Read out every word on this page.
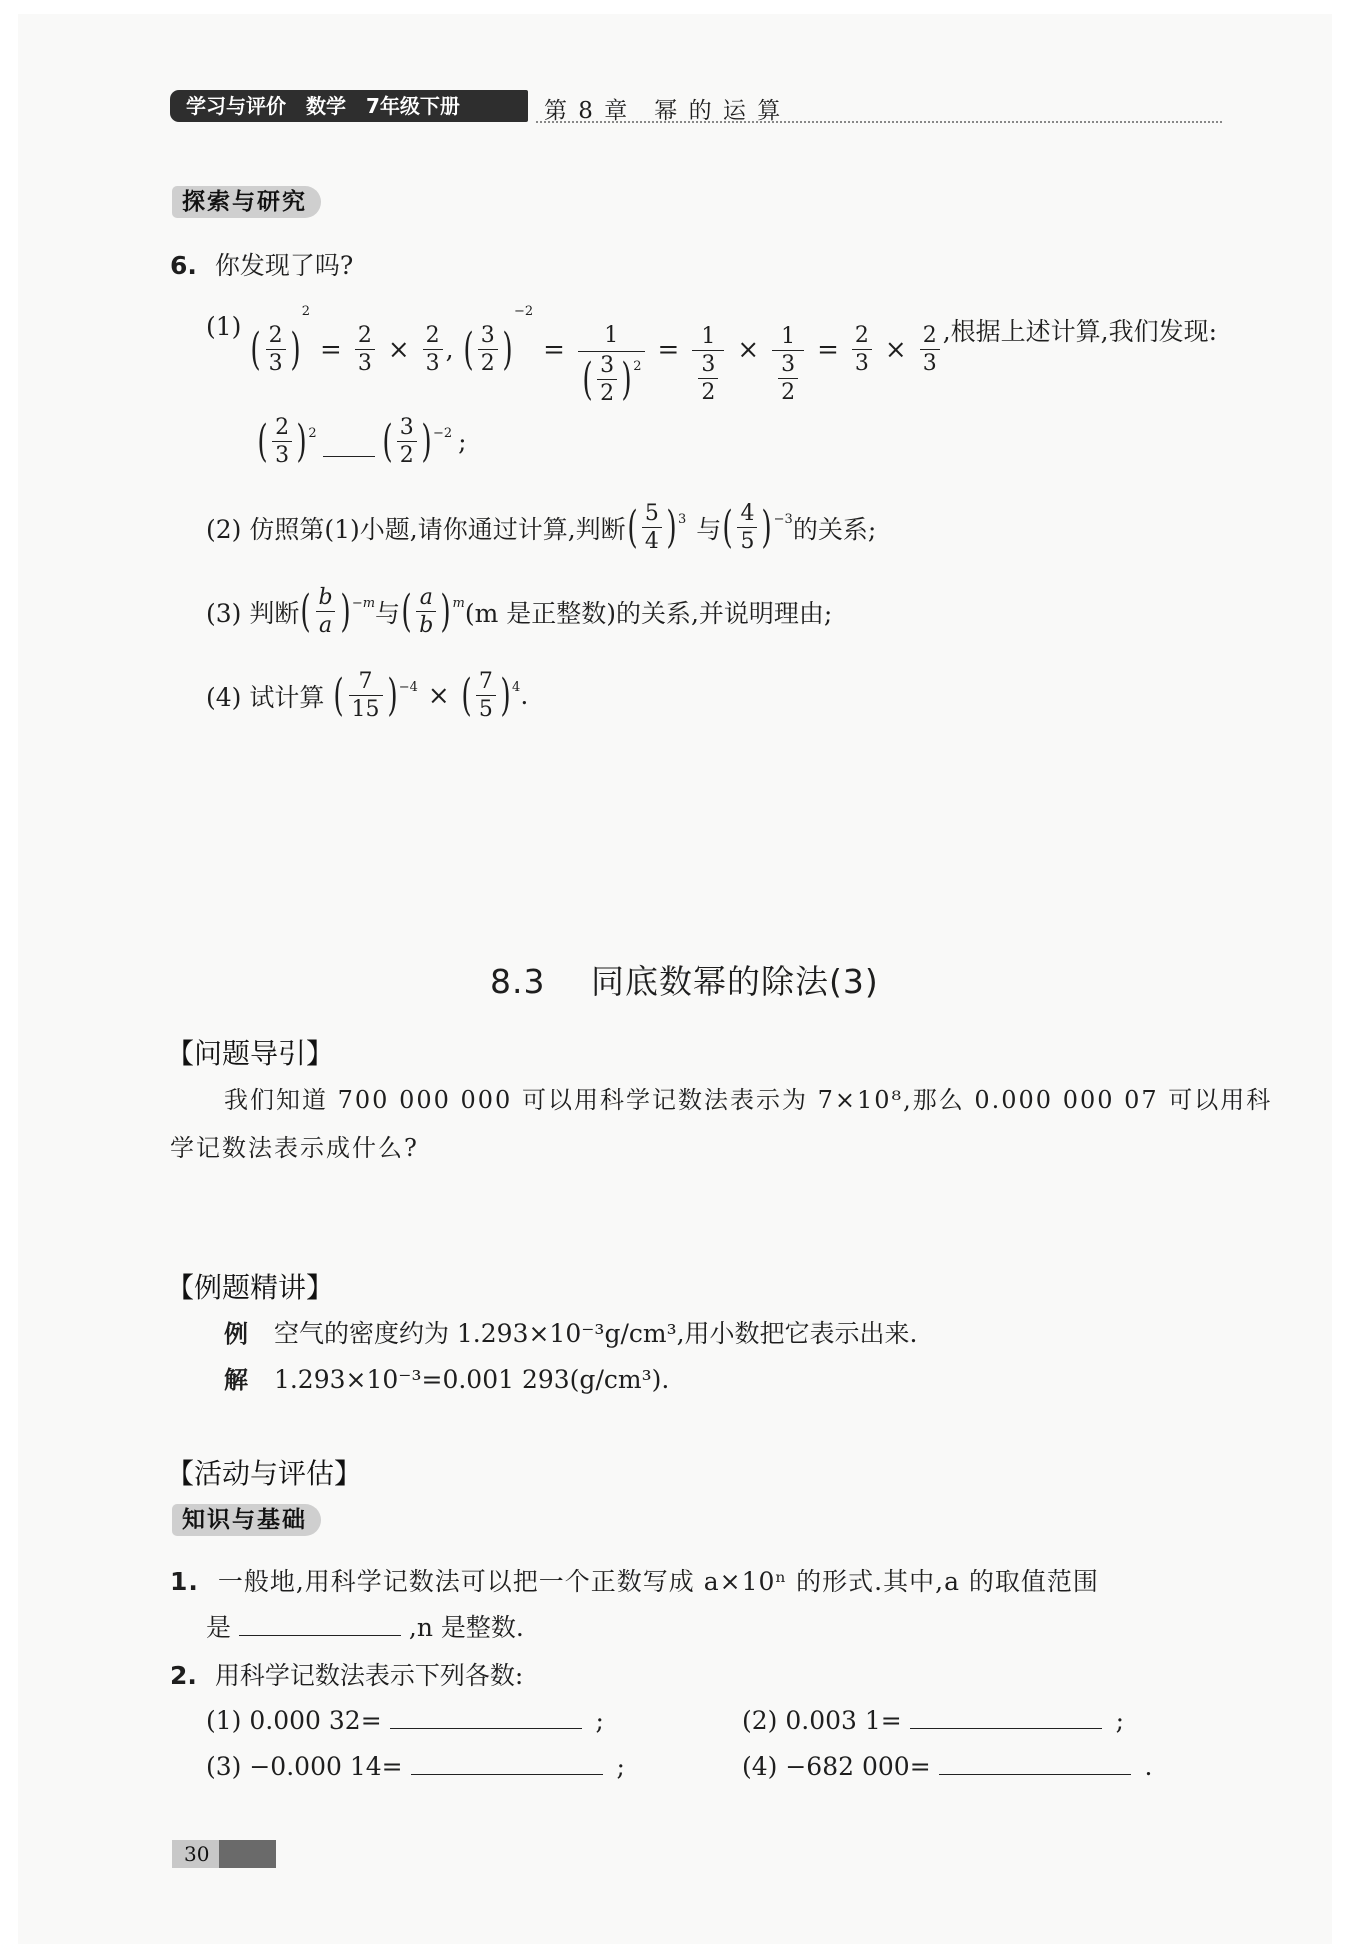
学习与评价　数学　7年级下册	第 8 章　幂 的 运 算
探索与研究
6. 你发现了吗?
(1) ( 2
3 )
2
= $\frac{2}{3} \times \frac{2}{3}$ , ( 3
2 )
−2
= 1
( 3
2 ) $2 = \frac{1}{\frac{3}{2}} \times \frac{1}{\frac{3}{2}} = \frac{2}{3} \times \frac{2}{3}$ ,根据上述计算,我们发现:
( 2
3 ) 2 ( 3
2 ) −2 ;
(2) 仿照第(1)小题,请你通过计算,判断 ( 5
4 ) 3 与 ( 4
5 ) −3 的关系;
(3) 判断 ( b
a ) −m 与 ( a
b ) m (m 是正整数)的关系,并说明理由;
(4) 试计算 ( 7
15 ) −4 × ( 7
5 ) 4 .
8.3 同底数幂的除法(3)
【问题导引】
我们知道 700 000 000 可以用科学记数法表示为 7×10⁸,那么 0.000 000 07 可以用科
学记数法表示成什么?
【例题精讲】
例 空气的密度约为 1.293×10⁻³g/cm³,用小数把它表示出来.
解 1.293×10⁻³=0.001 293(g/cm³).
【活动与评估】
知识与基础
1. 一般地,用科学记数法可以把一个正数写成 a×10ⁿ 的形式.其中,a 的取值范围
是	,n 是整数.
2. 用科学记数法表示下列各数:
(1) 0.000 32=	;	(2) 0.003 1=	;
(3) −0.000 14=	;	(4) −682 000=	.
30
